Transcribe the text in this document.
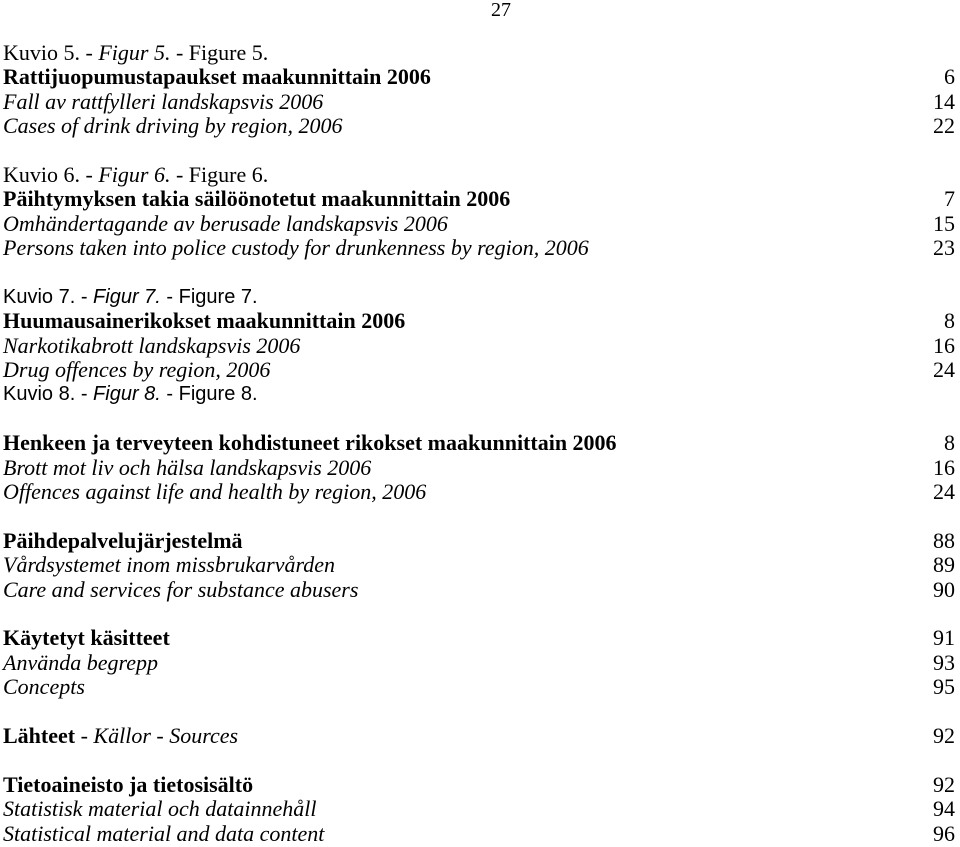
27
Kuvio 5. - Figur 5. - Figure 5.
Rattijuopumustapaukset maakunnittain 2006	6
Fall av rattfylleri landskapsvis 2006	14
Cases of drink driving by region, 2006	22
Kuvio 6. - Figur 6. - Figure 6.
Päihtymyksen takia säilöönotetut maakunnittain 2006	7
Omhändertagande av berusade landskapsvis 2006	15
Persons taken into police custody for drunkenness by region, 2006	23
Kuvio 7. - Figur 7. - Figure 7.
Huumausainerikokset maakunnittain 2006	8
Narkotikabrott landskapsvis 2006	16
Drug offences by region, 2006	24
Kuvio 8. - Figur 8. - Figure 8.
Henkeen ja terveyteen kohdistuneet rikokset maakunnittain 2006	8
Brott mot liv och hälsa landskapsvis 2006	16
Offences against life and health by region, 2006	24
Päihdepalvelujärjestelmä	88
Vårdsystemet inom missbrukarvården	89
Care and services for substance abusers	90
Käytetyt käsitteet	91
Använda begrepp	93
Concepts	95
Lähteet - Källor - Sources	92
Tietoaineisto ja tietosisältö	92
Statistisk material och datainnehåll	94
Statistical material and data content	96
